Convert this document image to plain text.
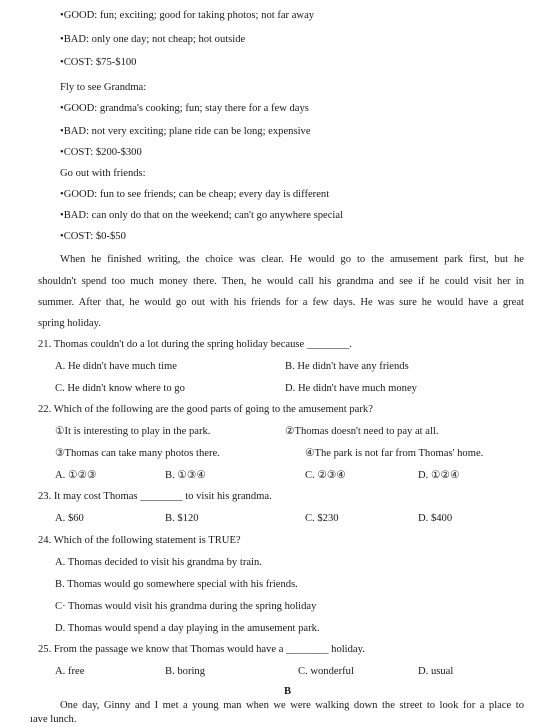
•GOOD: fun; exciting; good for taking photos; not far away
•BAD: only one day; not cheap; hot outside
•COST: $75-$100
Fly to see Grandma:
•GOOD: grandma's cooking; fun; stay there for a few days
•BAD: not very exciting; plane ride can be long; expensive
•COST: $200-$300
Go out with friends:
•GOOD: fun to see friends; can be cheap; every day is different
•BAD: can only do that on the weekend; can't go anywhere special
•COST: $0-$50
When he finished writing, the choice was clear. He would go to the amusement park first, but he
shouldn't spend too much money there. Then, he would call his grandma and see if he could visit her in
summer. After that, he would go out with his friends for a few days. He was sure he would have a great
spring holiday.
21. Thomas couldn't do a lot during the spring holiday because ________.
A. He didn't have much time	B. He didn't have any friends
C. He didn't know where to go	D. He didn't have much money
22. Which of the following are the good parts of going to the amusement park?
①It is interesting to play in the park.	②Thomas doesn't need to pay at all.
③Thomas can take many photos there.	④The park is not far from Thomas' home.
A. ①②③	B. ①③④	C. ②③④	D. ①②④
23. It may cost Thomas ________ to visit his grandma.
A. $60	B. $120	C. $230	D. $400
24. Which of the following statement is TRUE?
A. Thomas decided to visit his grandma by train.
B. Thomas would go somewhere special with his friends.
C· Thomas would visit his grandma during the spring holiday
D. Thomas would spend a day playing in the amusement park.
25. From the passage we know that Thomas would have a ________ holiday.
A. free	B. boring	C. wonderful	D. usual
B
One day, Ginny and I met a young man when we were walking down the street to look for a place to
ıave lunch.
